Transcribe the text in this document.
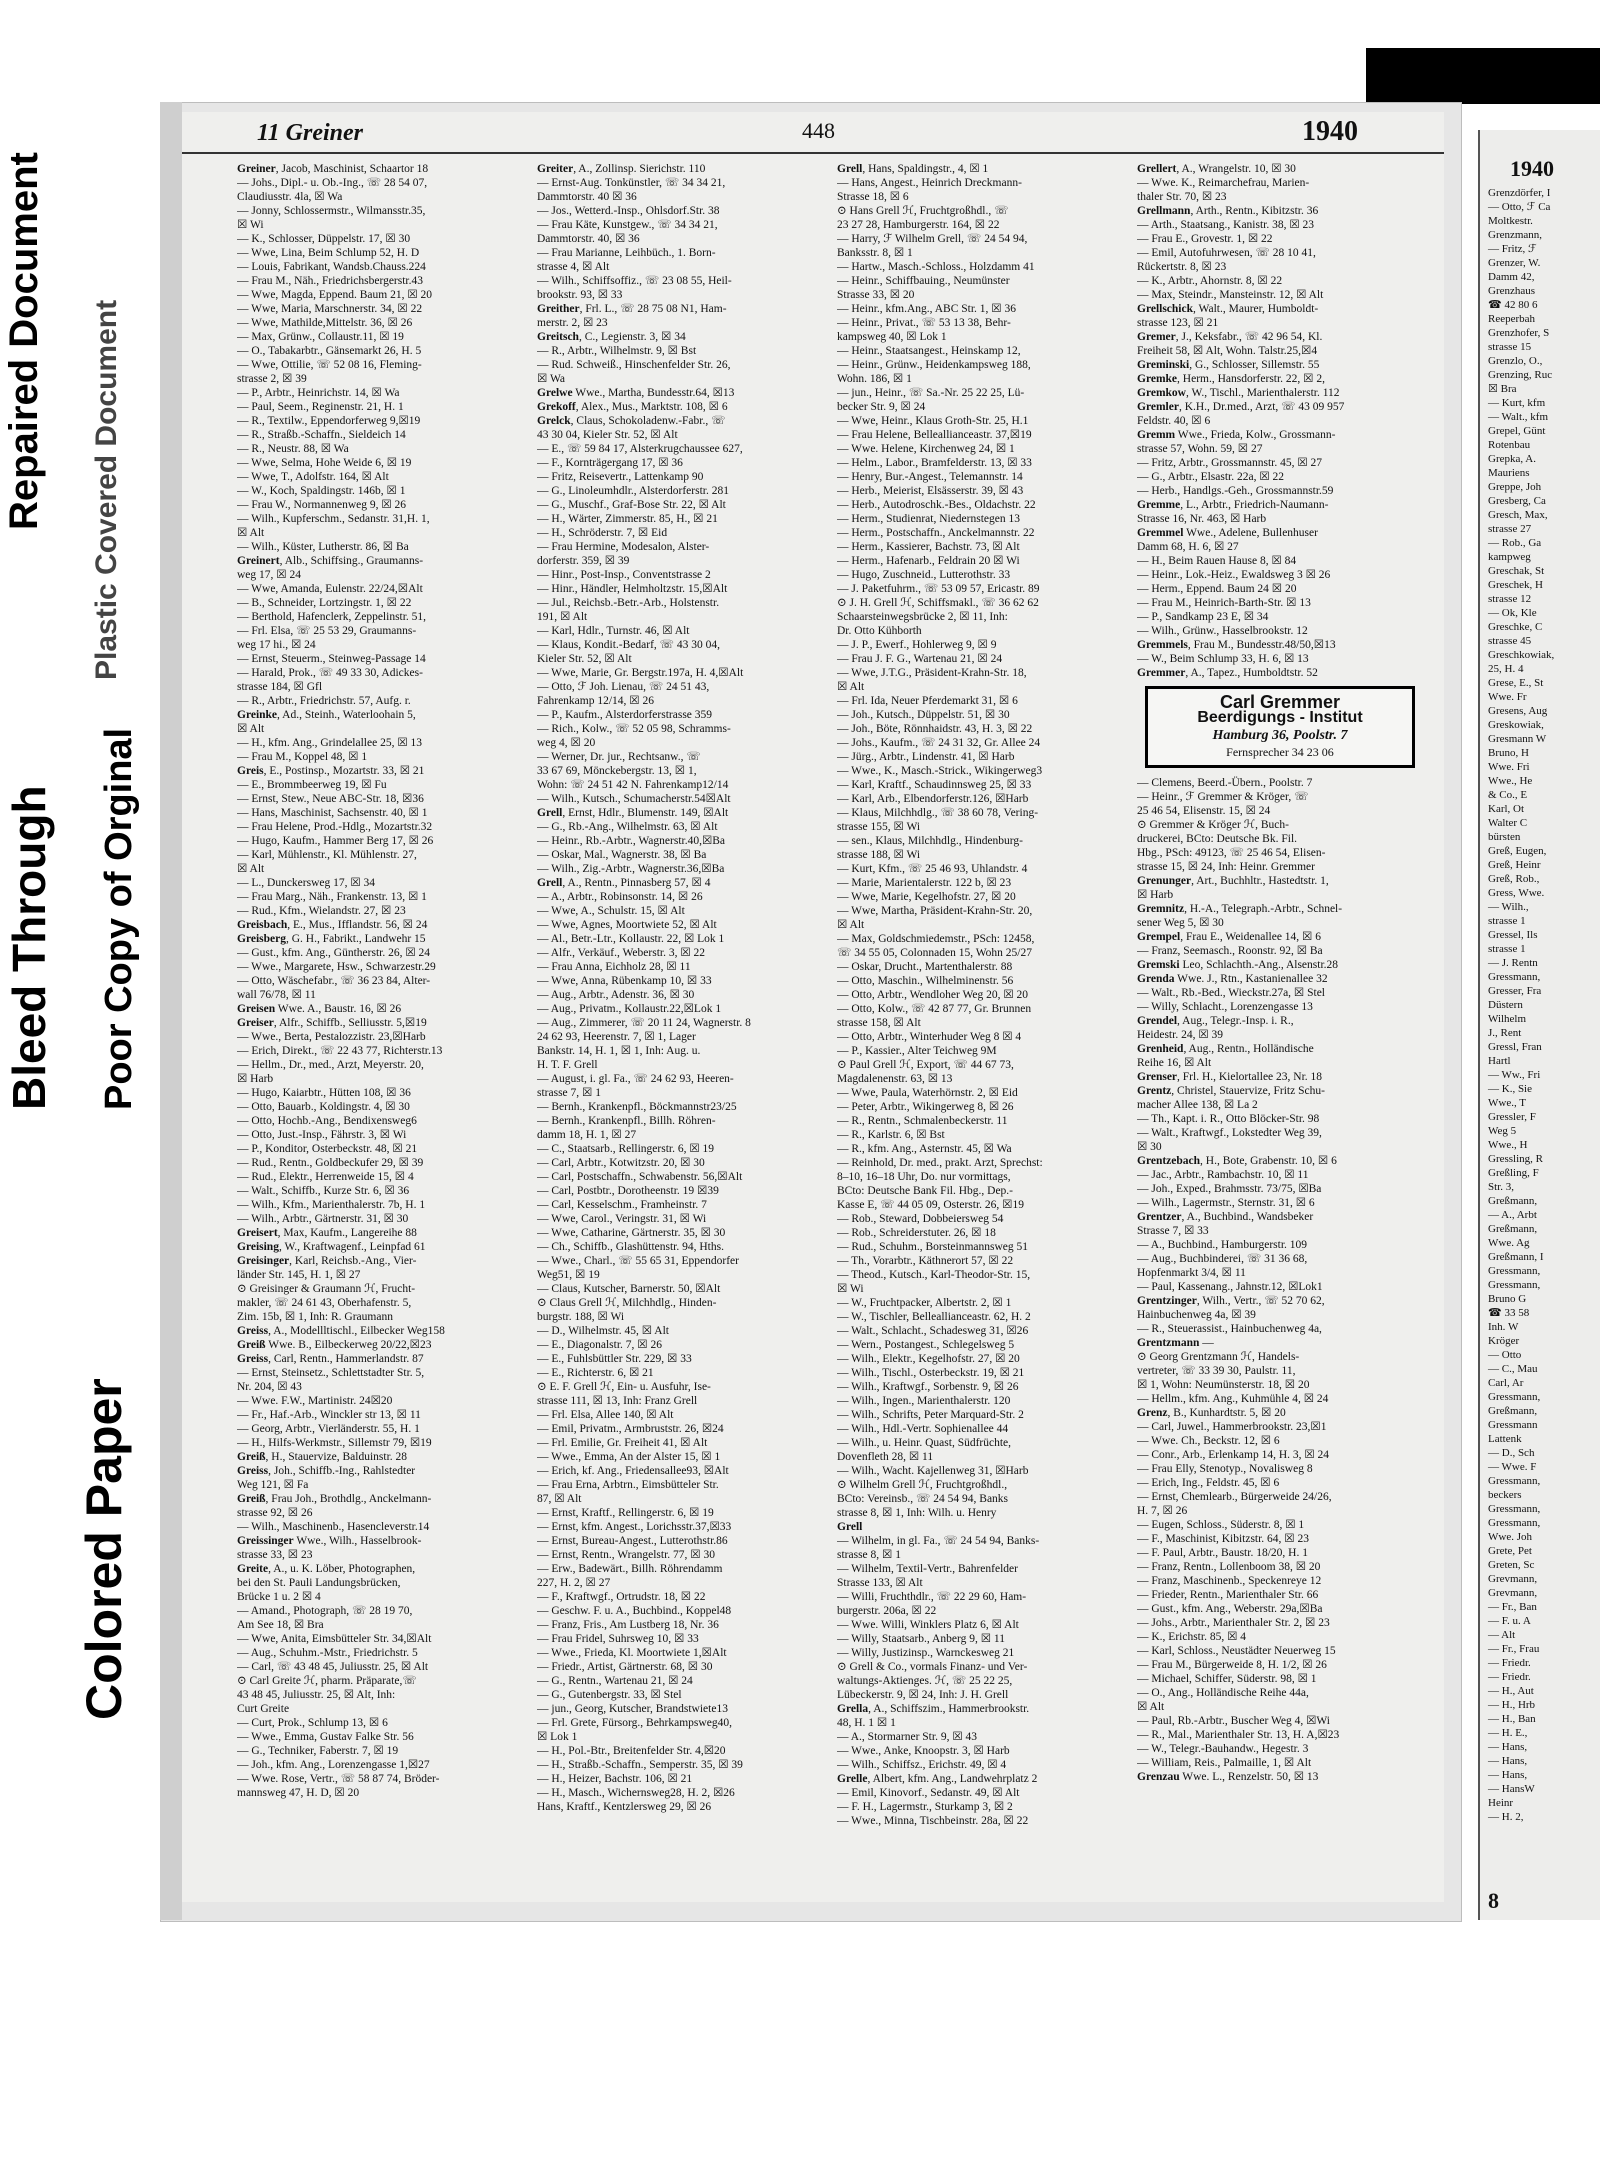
Bleed Through
Repaired Document
Colored Paper
Poor Copy of Orginal
Plastic Covered Document
11 Greiner	448	1940

Greiner, Jacob, Maschinist, Schaartor 18

— Johs., Dipl.- u. Ob.-Ing., ☏ 28 54 07,

Claudiusstr. 4la, ☒ Wa

— Jonny, Schlossermstr., Wilmansstr.35,

☒ Wi

— K., Schlosser, Düppelstr. 17, ☒ 30

— Wwe, Lina, Beim Schlump 52, H. D

— Louis, Fabrikant, Wandsb.Chauss.224

— Frau M., Näh., Friedrichsbergerstr.43

— Wwe, Magda, Eppend. Baum 21, ☒ 20

— Wwe, Maria, Marschnerstr. 34, ☒ 22

— Wwe, Mathilde,Mittelstr. 36, ☒ 26

— Max, Grünw., Collaustr.11, ☒ 19

— O., Tabakarbtr., Gänsemarkt 26, H. 5

— Wwe, Ottilie, ☏ 52 08 16, Fleming-

strasse 2, ☒ 39

— P., Arbtr., Heinrichstr. 14, ☒ Wa

— Paul, Seem., Reginenstr. 21, H. 1

— R., Textilw., Eppendorferweg 9,☒19

— R., Straßb.-Schaffn., Sieldeich 14

— R., Neustr. 88, ☒ Wa

— Wwe, Selma, Hohe Weide 6, ☒ 19

— Wwe, T., Adolfstr. 164, ☒ Alt

— W., Koch, Spaldingstr. 146b, ☒ 1

— Frau W., Normannenweg 9, ☒ 26

— Wilh., Kupferschm., Sedanstr. 31,H. 1,

☒ Alt

— Wilh., Küster, Lutherstr. 86, ☒ Ba

Greinert, Alb., Schiffsing., Graumanns-

weg 17, ☒ 24

— Wwe, Amanda, Eulenstr. 22/24,☒Alt

— B., Schneider, Lortzingstr. 1, ☒ 22

— Berthold, Hafenclerk, Zeppelinstr. 51,

— Frl. Elsa, ☏ 25 53 29, Graumanns-

weg 17 hi., ☒ 24

— Ernst, Steuerm., Steinweg-Passage 14

— Harald, Prok., ☏ 49 33 30, Adickes-

strasse 184, ☒ Gfl

— R., Arbtr., Friedrichstr. 57, Aufg. r.

Greinke, Ad., Steinh., Waterloohain 5,

☒ Alt

— H., kfm. Ang., Grindelallee 25, ☒ 13

— Frau M., Koppel 48, ☒ 1

Greis, E., Postinsp., Mozartstr. 33, ☒ 21

— E., Brommbeerweg 19, ☒ Fu

— Ernst, Stew., Neue ABC-Str. 18, ☒36

— Hans, Maschinist, Sachsenstr. 40, ☒ 1

— Frau Helene, Prod.-Hdlg., Mozartstr.32

— Hugo, Kaufm., Hammer Berg 17, ☒ 26

— Karl, Mühlenstr., Kl. Mühlenstr. 27,

☒ Alt

— L., Dunckersweg 17, ☒ 34

— Frau Marg., Näh., Frankenstr. 13, ☒ 1

— Rud., Kfm., Wielandstr. 27, ☒ 23

Greisbach, E., Mus., Ifflandstr. 56, ☒ 24

Greisberg, G. H., Fabrikt., Landwehr 15

— Gust., kfm. Ang., Güntherstr. 26, ☒ 24

— Wwe., Margarete, Hsw., Schwarzestr.29

— Otto, Wäschefabr., ☏ 36 23 84, Alter-

wall 76/78, ☒ 11

Greisen Wwe. A., Baustr. 16, ☒ 26

Greiser, Alfr., Schiffb., Selliusstr. 5,☒19

— Wwe., Berta, Pestalozzistr. 23,☒Harb

— Erich, Direkt., ☏ 22 43 77, Richterstr.13

— Hellm., Dr., med., Arzt, Meyerstr. 20,

☒ Harb

— Hugo, Kaiarbtr., Hütten 108, ☒ 36

— Otto, Bauarb., Koldingstr. 4, ☒ 30

— Otto, Hochb.-Ang., Bendixensweg6

— Otto, Just.-Insp., Fährstr. 3, ☒ Wi

— P., Konditor, Osterbeckstr. 48, ☒ 21

— Rud., Rentn., Goldbeckufer 29, ☒ 39

— Rud., Elektr., Herrenweide 15, ☒ 4

— Walt., Schiffb., Kurze Str. 6, ☒ 36

— Wilh., Kfm., Marienthalerstr. 7b, H. 1

— Wilh., Arbtr., Gärtnerstr. 31, ☒ 30

Greisert, Max, Kaufm., Langereihe 88

Greising, W., Kraftwagenf., Leinpfad 61

Greisinger, Karl, Reichsb.-Ang., Vier-

länder Str. 145, H. 1, ☒ 27

⊙ Greisinger & Graumann ℋ, Frucht-

makler, ☏ 24 61 43, Oberhafenstr. 5,

Zim. 15b, ☒ 1, Inh: R. Graumann

Greiss, A., Modellltischl., Eilbecker Weg158

Greiß Wwe. B., Eilbeckerweg 20/22,☒23

Greiss, Carl, Rentn., Hammerlandstr. 87

— Ernst, Steinsetz., Schlettstadter Str. 5,

Nr. 204, ☒ 43

— Wwe. F.W., Martinistr. 24☒20

— Fr., Haf.-Arb., Winckler str 13, ☒ 11

— Georg, Arbtr., Vierländerstr. 55, H. 1

— H., Hilfs-Werkmstr., Sillemstr 79, ☒19

Greiß, H., Stauervize, Balduinstr. 28

Greiss, Joh., Schiffb.-Ing., Rahlstedter

Weg 121, ☒ Fa

Greiß, Frau Joh., Brothdlg., Anckelmann-

strasse 92, ☒ 26

— Wilh., Maschinenb., Hasencleverstr.14

Greissinger Wwe., Wilh., Hasselbrook-

strasse 33, ☒ 23

Greite, A., u. K. Löber, Photographen,

bei den St. Pauli Landungsbrücken,

Brücke 1 u. 2 ☒ 4

— Amand., Photograph, ☏ 28 19 70,

Am See 18, ☒ Bra

— Wwe, Anita, Eimsbütteler Str. 34,☒Alt

— Aug., Schuhm.-Mstr., Friedrichstr. 5

— Carl, ☏ 43 48 45, Juliusstr. 25, ☒ Alt

⊙ Carl Greite ℋ, pharm. Präparate,☏

43 48 45, Juliusstr. 25, ☒ Alt, Inh:

Curt Greite

— Curt, Prok., Schlump 13, ☒ 6

— Wwe., Emma, Gustav Falke Str. 56

— G., Techniker, Faberstr. 7, ☒ 19

— Joh., kfm. Ang., Lorenzengasse 1,☒27

— Wwe. Rose, Vertr., ☏ 58 87 74, Bröder-

mannsweg 47, H. D, ☒ 20

Greiter, A., Zollinsp. Sierichstr. 110

— Ernst-Aug. Tonkünstler, ☏ 34 34 21,

Dammtorstr. 40 ☒ 36

— Jos., Wetterd.-Insp., Ohlsdorf.Str. 38

— Frau Käte, Kunstgew., ☏ 34 34 21,

Dammtorstr. 40, ☒ 36

— Frau Marianne, Leihbüch., 1. Born-

strasse 4, ☒ Alt

— Wilh., Schiffsoffiz., ☏ 23 08 55, Heil-

brookstr. 93, ☒ 33

Greither, Frl. L., ☏ 28 75 08 N1, Ham-

merstr. 2, ☒ 23

Greitsch, C., Legienstr. 3, ☒ 34

— R., Arbtr., Wilhelmstr. 9, ☒ Bst

— Rud. Schweiß., Hinschenfelder Str. 26,

☒ Wa

Grelwe Wwe., Martha, Bundesstr.64, ☒13

Grekoff, Alex., Mus., Marktstr. 108, ☒ 6

Grelck, Claus, Schokoladenw.-Fabr., ☏

43 30 04, Kieler Str. 52, ☒ Alt

— E., ☏ 59 84 17, Alsterkrugchaussee 627,

— F., Kornträgergang 17, ☒ 36

— Fritz, Reisevertr., Lattenkamp 90

— G., Linoleumhdlr., Alsterdorferstr. 281

— G., Muschf., Graf-Bose Str. 22, ☒ Alt

— H., Wärter, Zimmerstr. 85, H., ☒ 21

— H., Schröderstr. 7, ☒ Eid

— Frau Hermine, Modesalon, Alster-

dorferstr. 359, ☒ 39

— Hinr., Post-Insp., Conventstrasse 2

— Hinr., Händler, Helmholtzstr. 15,☒Alt

— Jul., Reichsb.-Betr.-Arb., Holstenstr.

191, ☒ Alt

— Karl, Hdlr., Turnstr. 46, ☒ Alt

— Klaus, Kondit.-Bedarf, ☏ 43 30 04,

Kieler Str. 52, ☒ Alt

— Wwe, Marie, Gr. Bergstr.197a, H. 4,☒Alt

— Otto, ℱ Joh. Lienau, ☏ 24 51 43,

Fahrenkamp 12/14, ☒ 26

— P., Kaufm., Alsterdorferstrasse 359

— Rich., Kolw., ☏ 52 05 98, Schramms-

weg 4, ☒ 20

— Werner, Dr. jur., Rechtsanw., ☏

33 67 69, Mönckebergstr. 13, ☒ 1,

Wohn: ☏ 24 51 42 N. Fahrenkamp12/14

— Wilh., Kutsch., Schumacherstr.54☒Alt

Grell, Ernst, Hdlr., Blumenstr. 149, ☒Alt

— G., Rb.-Ang., Wilhelmstr. 63, ☒ Alt

— Heinr., Rb.-Arbtr., Wagnerstr.40,☒Ba

— Oskar, Mal., Wagnerstr. 38, ☒ Ba

— Wilh., Zig.-Arbtr., Wagnerstr.36,☒Ba

Grell, A., Rentn., Pinnasberg 57, ☒ 4

— A., Arbtr., Robinsonstr. 14, ☒ 26

— Wwe, A., Schulstr. 15, ☒ Alt

— Wwe, Agnes, Moortwiete 52, ☒ Alt

— Al., Betr.-Ltr., Kollaustr. 22, ☒ Lok 1

— Alfr., Verkäuf., Weberstr. 3, ☒ 22

— Frau Anna, Eichholz 28, ☒ 11

— Wwe, Anna, Rübenkamp 10, ☒ 33

— Aug., Arbtr., Adenstr. 36, ☒ 30

— Aug., Privatm., Kollaustr.22,☒Lok 1

— Aug., Zimmerer, ☏ 20 11 24, Wagnerstr. 8

24 62 93, Heerenstr. 7, ☒ 1, Lager

Bankstr. 14, H. 1, ☒ 1, Inh: Aug. u.

H. T. F. Grell

— August, i. gl. Fa., ☏ 24 62 93, Heeren-

strasse 7, ☒ 1

— Bernh., Krankenpfl., Böckmannstr23/25

— Bernh., Krankenpfl., Billh. Röhren-

damm 18, H. 1, ☒ 27

— C., Staatsarb., Rellingerstr. 6, ☒ 19

— Carl, Arbtr., Kotwitzstr. 20, ☒ 30

— Carl, Postschaffn., Schwabenstr. 56,☒Alt

— Carl, Postbtr., Dorotheenstr. 19 ☒39

— Carl, Kesselschm., Framheinstr. 7

— Wwe, Carol., Veringstr. 31, ☒ Wi

— Wwe, Catharine, Gärtnerstr. 35, ☒ 30

— Ch., Schiffb., Glashüttenstr. 94, Hths.

— Wwe., Charl., ☏ 55 65 31, Eppendorfer

Weg51, ☒ 19

— Claus, Kutscher, Barnerstr. 50, ☒Alt

⊙ Claus Grell ℋ, Milchhdlg., Hinden-

burgstr. 188, ☒ Wi

— D., Wilhelmstr. 45, ☒ Alt

— E., Diagonalstr. 7, ☒ 26

— E., Fuhlsbüttler Str. 229, ☒ 33

— E., Richterstr. 6, ☒ 21

⊙ E. F. Grell ℋ, Ein- u. Ausfuhr, Ise-

strasse 111, ☒ 13, Inh: Franz Grell

— Frl. Elsa, Allee 140, ☒ Alt

— Emil, Privatm., Armbruststr. 26, ☒24

— Frl. Emilie, Gr. Freiheit 41, ☒ Alt

— Wwe., Emma, An der Alster 15, ☒ 1

— Erich, kf. Ang., Friedensallee93, ☒Alt

— Frau Erna, Arbtrn., Eimsbütteler Str.

87, ☒ Alt

— Ernst, Kraftf., Rellingerstr. 6, ☒ 19

— Ernst, kfm. Angest., Lorichsstr.37,☒33

— Ernst, Bureau-Angest., Lutterothstr.86

— Ernst, Rentn., Wrangelstr. 77, ☒ 30

— Erw., Badewärt., Billh. Röhrendamm

227, H. 2, ☒ 27

— F., Kraftwgf., Ortrudstr. 18, ☒ 22

— Geschw. F. u. A., Buchbind., Koppel48

— Franz, Fris., Am Lustberg 18, Nr. 36

— Frau Fridel, Suhrsweg 10, ☒ 33

— Wwe., Frieda, Kl. Moortwiete 1,☒Alt

— Friedr., Artist, Gärtnerstr. 68, ☒ 30

— G., Rentn., Wartenau 21, ☒ 24

— G., Gutenbergstr. 33, ☒ Stel

— jun., Georg, Kutscher, Brandstwiete13

— Frl. Grete, Fürsorg., Behrkampsweg40,

☒ Lok 1

— H., Pol.-Btr., Breitenfelder Str. 4,☒20

— H., Straßb.-Schaffn., Semperstr. 35, ☒ 39

— H., Heizer, Bachstr. 106, ☒ 21

— H., Masch., Wichernsweg28, H. 2, ☒26

Hans, Kraftf., Kentzlersweg 29, ☒ 26

Grell, Hans, Spaldingstr., 4, ☒ 1

— Hans, Angest., Heinrich Dreckmann-

Strasse 18, ☒ 6

⊙ Hans Grell ℋ, Fruchtgroßhdl., ☏

23 27 28, Hamburgerstr. 164, ☒ 22

— Harry, ℱ Wilhelm Grell, ☏ 24 54 94,

Banksstr. 8, ☒ 1

— Hartw., Masch.-Schloss., Holzdamm 41

— Heinr., Schiffbauing., Neumünster

Strasse 33, ☒ 20

— Heinr., kfm.Ang., ABC Str. 1, ☒ 36

— Heinr., Privat., ☏ 53 13 38, Behr-

kampsweg 40, ☒ Lok 1

— Heinr., Staatsangest., Heinskamp 12,

— Heinr., Grünw., Heidenkampsweg 188,

Wohn. 186, ☒ 1

— jun., Heinr., ☏ Sa.-Nr. 25 22 25, Lü-

becker Str. 9, ☒ 24

— Wwe, Heinr., Klaus Groth-Str. 25, H.1

— Frau Helene, Belleallianceastr. 37,☒19

— Wwe. Helene, Kirchenweg 24, ☒ 1

— Helm., Labor., Bramfelderstr. 13, ☒ 33

— Henry, Bur.-Angest., Telemannstr. 14

— Herb., Meierist, Elsässerstr. 39, ☒ 43

— Herb., Autodroschk.-Bes., Oldachstr. 22

— Herm., Studienrat, Niedernstegen 13

— Herm., Postschaffn., Anckelmannstr. 22

— Herm., Kassierer, Bachstr. 73, ☒ Alt

— Herm., Hafenarb., Feldrain 20 ☒ Wi

— Hugo, Zuschneid., Lutterothstr. 33

— J. Paketfuhrm., ☏ 53 09 57, Ericastr. 89

⊙ J. H. Grell ℋ, Schiffsmakl., ☏ 36 62 62

Schaarsteinwegsbrücke 2, ☒ 11, Inh:

Dr. Otto Kühborth

— J. P., Ewerf., Hohlerweg 9, ☒ 9

— Frau J. F. G., Wartenau 21, ☒ 24

— Wwe, J.T.G., Präsident-Krahn-Str. 18,

☒ Alt

— Frl. Ida, Neuer Pferdemarkt 31, ☒ 6

— Joh., Kutsch., Düppelstr. 51, ☒ 30

— Joh., Böte, Rönnhaidstr. 43, H. 3, ☒ 22

— Johs., Kaufm., ☏ 24 31 32, Gr. Allee 24

— Jürg., Arbtr., Lindenstr. 41, ☒ Harb

— Wwe., K., Masch.-Strick., Wikingerweg3

— Karl, Kraftf., Schaudinnsweg 25, ☒ 33

— Karl, Arb., Elbendorferstr.126, ☒Harb

— Klaus, Milchhdlg., ☏ 38 60 78, Vering-

strasse 155, ☒ Wi

— sen., Klaus, Milchhdlg., Hindenburg-

strasse 188, ☒ Wi

— Kurt, Kfm., ☏ 25 46 93, Uhlandstr. 4

— Marie, Marientalerstr. 122 b, ☒ 23

— Wwe, Marie, Kegelhofstr. 27, ☒ 20

— Wwe, Martha, Präsident-Krahn-Str. 20,

☒ Alt

— Max, Goldschmiedemstr., PSch: 12458,

☏ 34 55 05, Colonnaden 15, Wohn 25/27

— Oskar, Drucht., Martenthalerstr. 88

— Otto, Maschin., Wilhelminenstr. 56

— Otto, Arbtr., Wendloher Weg 20, ☒ 20

— Otto, Kolw., ☏ 42 87 77, Gr. Brunnen

strasse 158, ☒ Alt

— Otto, Arbtr., Winterhuder Weg 8 ☒ 4

— P., Kassier., Alter Teichweg 9M

⊙ Paul Grell ℋ, Export, ☏ 44 67 73,

Magdalenenstr. 63, ☒ 13

— Wwe, Paula, Waterhörnstr. 2, ☒ Eid

— Peter, Arbtr., Wikingerweg 8, ☒ 26

— R., Rentn., Schmalenbeckerstr. 11

— R., Karlstr. 6, ☒ Bst

— R., kfm. Ang., Asternstr. 45, ☒ Wa

— Reinhold, Dr. med., prakt. Arzt, Sprechst:

8–10, 16–18 Uhr, Do. nur vormittags,

BCto: Deutsche Bank Fil. Hbg., Dep.-

Kasse E, ☏ 44 05 09, Osterstr. 26, ☒19

— Rob., Steward, Dobbeiersweg 54

— Rob., Schreiderstuter. 26, ☒ 18

— Rud., Schuhm., Borsteinmannsweg 51

— Th., Vorarbtr., Käthnerort 57, ☒ 22

— Theod., Kutsch., Karl-Theodor-Str. 15,

☒ Wi

— W., Fruchtpacker, Albertstr. 2, ☒ 1

— W., Tischler, Belleallianceastr. 62, H. 2

— Walt., Schlacht., Schadesweg 31, ☒26

— Wern., Postangest., Schlegelsweg 5

— Wilh., Elektr., Kegelhofstr. 27, ☒ 20

— Wilh., Tischl., Osterbeckstr. 19, ☒ 21

— Wilh., Kraftwgf., Sorbenstr. 9, ☒ 26

— Wilh., Ingen., Marienthalerstr. 120

— Wilh., Schrifts, Peter Marquard-Str. 2

— Wilh., Hdl.-Vertr. Sophienallee 44

— Wilh., u. Heinr. Quast, Südfrüchte,

Dovenfleth 28, ☒ 11

— Wilh., Wacht. Kajellenweg 31, ☒Harb

⊙ Wilhelm Grell ℋ, Fruchtgroßhdl.,

BCto: Vereinsb., ☏ 24 54 94, Banks

strasse 8, ☒ 1, Inh: Wilh. u. Henry

Grell

— Wilhelm, in gl. Fa., ☏ 24 54 94, Banks-

strasse 8, ☒ 1

— Wilhelm, Textil-Vertr., Bahrenfelder

Strasse 133, ☒ Alt

— Willi, Fruchthdlr., ☏ 22 29 60, Ham-

burgerstr. 206a, ☒ 22

— Wwe. Willi, Winklers Platz 6, ☒ Alt

— Willy, Staatsarb., Anberg 9, ☒ 11

— Willy, Justizinsp., Warnckesweg 21

⊙ Grell & Co., vormals Finanz- und Ver-

waltungs-Aktienges. ℋ, ☏ 25 22 25,

Lübeckerstr. 9, ☒ 24, Inh: J. H. Grell

Grella, A., Schiffszim., Hammerbrookstr.

48, H. 1 ☒ 1

— A., Stormarner Str. 9, ☒ 43

— Wwe., Anke, Knoopstr. 3, ☒ Harb

— Wilh., Schiffsz., Erichstr. 49, ☒ 4

Grelle, Albert, kfm. Ang., Landwehrplatz 2

— Emil, Kinovorf., Sedanstr. 49, ☒ Alt

— F. H., Lagermstr., Sturkamp 3, ☒ 2

— Wwe., Minna, Tischbeinstr. 28a, ☒ 22

Grellert, A., Wrangelstr. 10, ☒ 30

— Wwe. K., Reimarchefrau, Marien-

thaler Str. 70, ☒ 23

Grellmann, Arth., Rentn., Kibitzstr. 36

— Arth., Staatsang., Kanistr. 38, ☒ 23

— Frau E., Grovestr. 1, ☒ 22

— Emil, Autofuhrwesen, ☏ 28 10 41,

Rückertstr. 8, ☒ 23

— K., Arbtr., Ahornstr. 8, ☒ 22

— Max, Steindr., Mansteinstr. 12, ☒ Alt

Grellschick, Walt., Maurer, Humboldt-

strasse 123, ☒ 21

Gremer, J., Keksfabr., ☏ 42 96 54, Kl.

Freiheit 58, ☒ Alt, Wohn. Talstr.25,☒4

Greminski, G., Schlosser, Sillemstr. 55

Gremke, Herm., Hansdorferstr. 22, ☒ 2,

Gremkow, W., Tischl., Marienthalerstr. 112

Gremler, K.H., Dr.med., Arzt, ☏ 43 09 957

Feldstr. 40, ☒ 6

Gremm Wwe., Frieda, Kolw., Grossmann-

strasse 57, Wohn. 59, ☒ 27

— Fritz, Arbtr., Grossmannstr. 45, ☒ 27

— G., Arbtr., Elsastr. 22a, ☒ 22

— Herb., Handlgs.-Geh., Grossmannstr.59

Gremme, L., Arbtr., Friedrich-Naumann-

Strasse 16, Nr. 463, ☒ Harb

Gremmel Wwe., Adelene, Bullenhuser

Damm 68, H. 6, ☒ 27

— H., Beim Rauen Hause 8, ☒ 84

— Heinr., Lok.-Heiz., Ewaldsweg 3 ☒ 26

— Herm., Eppend. Baum 24 ☒ 20

— Frau M., Heinrich-Barth-Str. ☒ 13

— P., Sandkamp 23 E, ☒ 34

— Wilh., Grünw., Hasselbrookstr. 12

Gremmels, Frau M., Bundesstr.48/50,☒13

— W., Beim Schlump 33, H. 6, ☒ 13

Gremmer, A., Tapez., Humboldtstr. 52

Carl Gremmer
Beerdigungs - Institut
Hamburg 36, Poolstr. 7
Fernsprecher 34 23 06

— Clemens, Beerd.-Übern., Poolstr. 7

— Heinr., ℱ Gremmer & Kröger, ☏

25 46 54, Elisenstr. 15, ☒ 24

⊙ Gremmer & Kröger ℋ, Buch-

druckerei, BCto: Deutsche Bk. Fil.

Hbg., PSch: 49123, ☏ 25 46 54, Elisen-

strasse 15, ☒ 24, Inh: Heinr. Gremmer

Grenunger, Art., Buchhltr., Hastedtstr. 1,

☒ Harb

Gremnitz, H.-A., Telegraph.-Arbtr., Schnel-

sener Weg 5, ☒ 30

Grempel, Frau E., Weidenallee 14, ☒ 6

— Franz, Seemasch., Roonstr. 92, ☒ Ba

Gremski Leo, Schlachth.-Ang., Alsenstr.28

Grenda Wwe. J., Rtn., Kastanienallee 32

— Walt., Rb.-Bed., Wieckstr.27a, ☒ Stel

— Willy, Schlacht., Lorenzengasse 13

Grendel, Aug., Telegr.-Insp. i. R.,

Heidestr. 24, ☒ 39

Grenheid, Aug., Rentn., Holländische

Reihe 16, ☒ Alt

Grenser, Frl. H., Kielortallee 23, Nr. 18

Grentz, Christel, Stauervize, Fritz Schu-

macher Allee 138, ☒ La 2

— Th., Kapt. i. R., Otto Blöcker-Str. 98

— Walt., Kraftwgf., Lokstedter Weg 39,

☒ 30

Grentzebach, H., Bote, Grabenstr. 10, ☒ 6

— Jac., Arbtr., Rambachstr. 10, ☒ 11

— Joh., Exped., Brahmsstr. 73/75, ☒Ba

— Wilh., Lagermstr., Sternstr. 31, ☒ 6

Grentzer, A., Buchbind., Wandsbeker

Strasse 7, ☒ 33

— A., Buchbind., Hamburgerstr. 109

— Aug., Buchbinderei, ☏ 31 36 68,

Hopfenmarkt 3/4, ☒ 11

— Paul, Kassenang., Jahnstr.12, ☒Lok1

Grentzinger, Wilh., Vertr., ☏ 52 70 62,

Hainbuchenweg 4a, ☒ 39

— R., Steuerassist., Hainbuchenweg 4a,

Grentzmann —

⊙ Georg Grentzmann ℋ, Handels-

vertreter, ☏ 33 39 30, Paulstr. 11,

☒ 1, Wohn: Neumünsterstr. 18, ☒ 20

— Hellm., kfm. Ang., Kuhmühle 4, ☒ 24

Grenz, B., Kunhardtstr. 5, ☒ 20

— Carl, Juwel., Hammerbrookstr. 23,☒1

— Wwe. Ch., Beckstr. 12, ☒ 6

— Conr., Arb., Erlenkamp 14, H. 3, ☒ 24

— Frau Elly, Stenotyp., Novalisweg 8

— Erich, Ing., Feldstr. 45, ☒ 6

— Ernst, Chemlearb., Bürgerweide 24/26,

H. 7, ☒ 26

— Eugen, Schloss., Süderstr. 8, ☒ 1

— F., Maschinist, Kibitzstr. 64, ☒ 23

— F. Paul, Arbtr., Baustr. 18/20, H. 1

— Franz, Rentn., Lollenboom 38, ☒ 20

— Franz, Maschinenb., Speckenreye 12

— Frieder, Rentn., Marienthaler Str. 66

— Gust., kfm. Ang., Weberstr. 29a,☒Ba

— Johs., Arbtr., Marienthaler Str. 2, ☒ 23

— K., Erichstr. 85, ☒ 4

— Karl, Schloss., Neustädter Neuerweg 15

— Frau M., Bürgerweide 8, H. 1/2, ☒ 26

— Michael, Schiffer, Süderstr. 98, ☒ 1

— O., Ang., Holländische Reihe 44a,

☒ Alt

— Paul, Rb.-Arbtr., Buscher Weg 4, ☒Wi

— R., Mal., Marienthaler Str. 13, H. A,☒23

— W., Telegr.-Bauhandw., Hegestr. 3

— William, Reis., Palmaille, 1, ☒ Alt

Grenzau Wwe. L., Renzelstr. 50, ☒ 13

1940

Grenzdörfer, I

— Otto, ℱ Ca

Moltkestr.

Grenzmann,

— Fritz, ℱ

Grenzer, W.

Damm 42,

Grenzhaus

☎ 42 80 6

Reeperbah

Grenzhofer, S

strasse 15

Grenzlo, O.,

Grenzing, Ruc

☒ Bra

— Kurt, kfm

— Walt., kfm

Grepel, Günt

Rotenbau

Grepka, A.

Mauriens

Greppe, Joh

Gresberg, Ca

Gresch, Max,

strasse 27

— Rob., Ga

kampweg

Greschak, St

Greschek, H

strasse 12

— Ok, Kle

Greschke, C

strasse 45

Greschkowiak,

25, H. 4

Grese, E., St

Wwe. Fr

Gresens, Aug

Greskowiak,

Gresmann W

Bruno, H

Wwe. Fri

Wwe., He

& Co., E

Karl, Ot

Walter C

bürsten

Greß, Eugen,

Greß, Heinr

Greß, Rob.,

Gress, Wwe.

— Wilh.,

strasse 1

Gressel, Ils

strasse 1

— J. Rentn

Gressmann,

Gresser, Fra

Düstern

Wilhelm

J., Rent

Gressl, Fran

Hartl

— Ww., Fri

— K., Sie

Wwe., T

Gressler, F

Weg 5

Wwe., H

Gressling, R

Greßling, F

Str. 3,

Greßmann,

— A., Arbt

Greßmann,

Wwe. Ag

Greßmann, I

Gressmann,

Gressmann,

Bruno G

☎ 33 58

Inh. W

Kröger

— Otto

— C., Mau

Carl, Ar

Gressmann,

Greßmann,

Gressmann

Lattenk

— D., Sch

— Wwe. F

Gressmann,

beckers

Gressmann,

Gressmann,

Wwe. Joh

Grete, Pet

Greten, Sc

Grevmann,

Grevmann,

— Fr., Ban

— F. u. A

— Alt

— Fr., Frau

— Friedr.

— Friedr.

— H., Aut

— H., Hrb

— H., Ban

— H. E.,

— Hans,

— Hans,

— Hans,

— HansW

Heinr

— H. 2,

8
